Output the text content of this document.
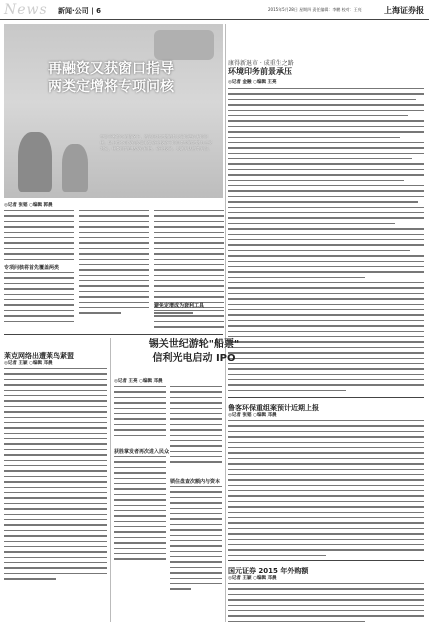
News 新闻·公司 | 6	2015年5月28日 星期四 责任编辑：李鹏 校对：王亮	上海证券报
再融资又获窗口指导
两类定增将专项问核
空间不断缩小的情况下，监管层对定增的有关事项进行专项问核。以上市公司发行股票募集资金投资于项目类型的定增为主要对象，核查内容包括发行价格、资金投向、关联方认购等方面。
康得新退市 · 成重生之路
环境印务前景承压
◎记者 金融 ○编辑 王亮
◎记者 张韬 ○编辑 郭晨
专项问核将首先覆盖两类
避免定增成为套利工具
莱克网络出遭莱鸟紧盟
◎记者 王颖 ○编辑 邓晨
锡关世纪游轮"船票"
信利光电启动 IPO
◎记者 王亮 ○编辑 邓晨
获胜掌发者再次进入民众
锁住盘查次额内与资本
鲁客环保重组案预计近期上报
◎记者 张韬 ○编辑 邓晨
国元证券 2015 年外购额
◎记者 王颖 ○编辑 邓晨
